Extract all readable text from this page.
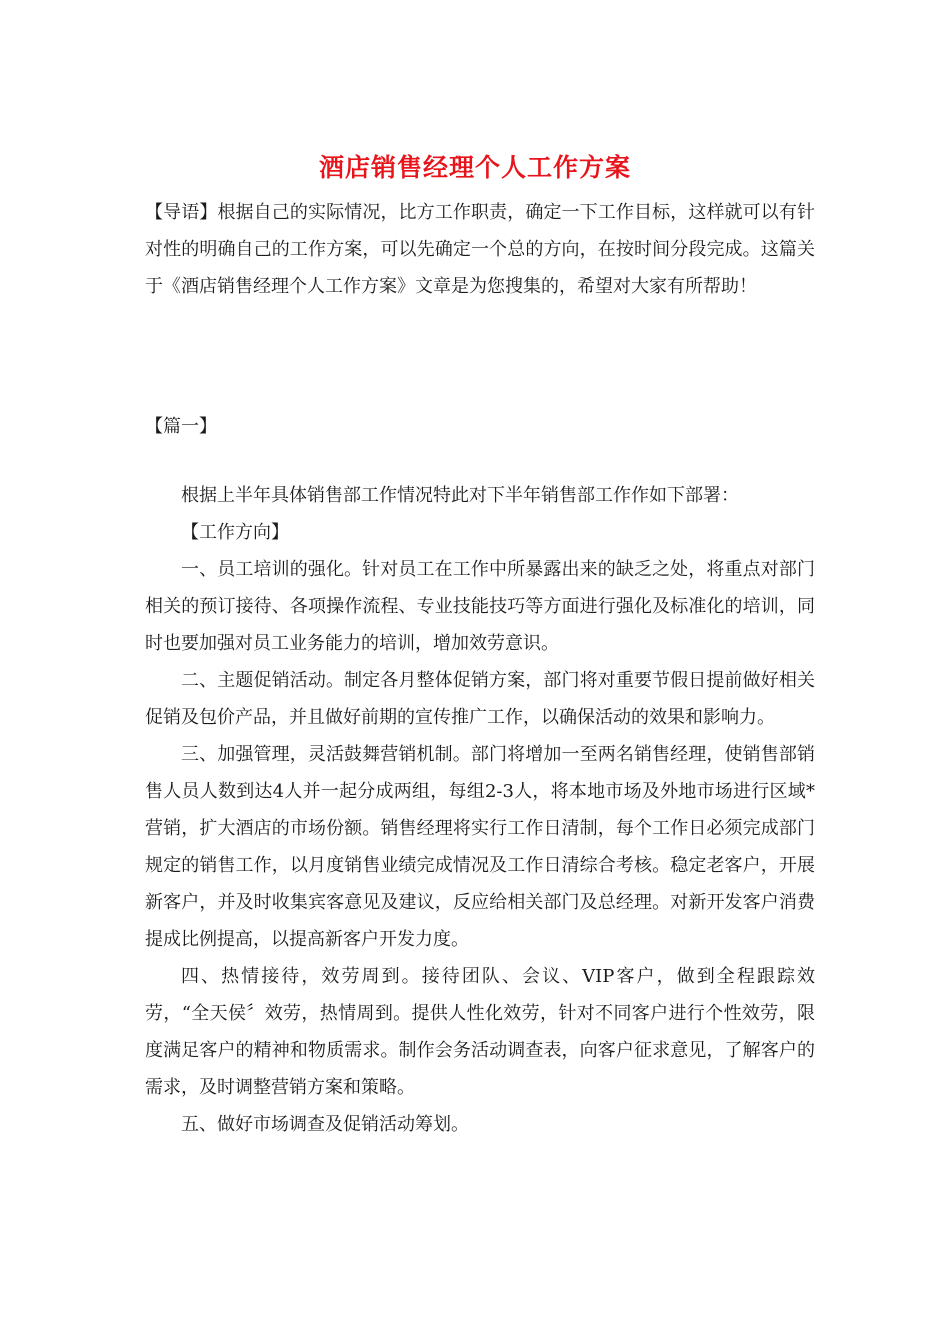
酒店销售经理个人工作方案
【导语】根据自己的实际情况，比方工作职责，确定一下工作目标，这样就可以有针对性的明确自己的工作方案，可以先确定一个总的方向，在按时间分段完成。这篇关于《酒店销售经理个人工作方案》文章是为您搜集的，希望对大家有所帮助！
【篇一】

根据上半年具体销售部工作情况特此对下半年销售部工作作如下部署：

【工作方向】

一、员工培训的强化。针对员工在工作中所暴露出来的缺乏之处，将重点对部门相关的预订接待、各项操作流程、专业技能技巧等方面进行强化及标准化的培训，同时也要加强对员工业务能力的培训，增加效劳意识。

二、主题促销活动。制定各月整体促销方案，部门将对重要节假日提前做好相关促销及包价产品，并且做好前期的宣传推广工作，以确保活动的效果和影响力。

三、加强管理，灵活鼓舞营销机制。部门将增加一至两名销售经理，使销售部销售人员人数到达4人并一起分成两组，每组2-3人，将本地市场及外地市场进行区域*营销，扩大酒店的市场份额。销售经理将实行工作日清制，每个工作日必须完成部门规定的销售工作，以月度销售业绩完成情况及工作日清综合考核。稳定老客户，开展新客户，并及时收集宾客意见及建议，反应给相关部门及总经理。对新开发客户消费提成比例提高，以提高新客户开发力度。

四、热情接待，效劳周到。接待团队、会议、VIP客户，做到全程跟踪效劳，“全天侯〞效劳，热情周到。提供人性化效劳，针对不同客户进行个性效劳，限度满足客户的精神和物质需求。制作会务活动调查表，向客户征求意见，了解客户的需求，及时调整营销方案和策略。

五、做好市场调查及促销活动筹划。
